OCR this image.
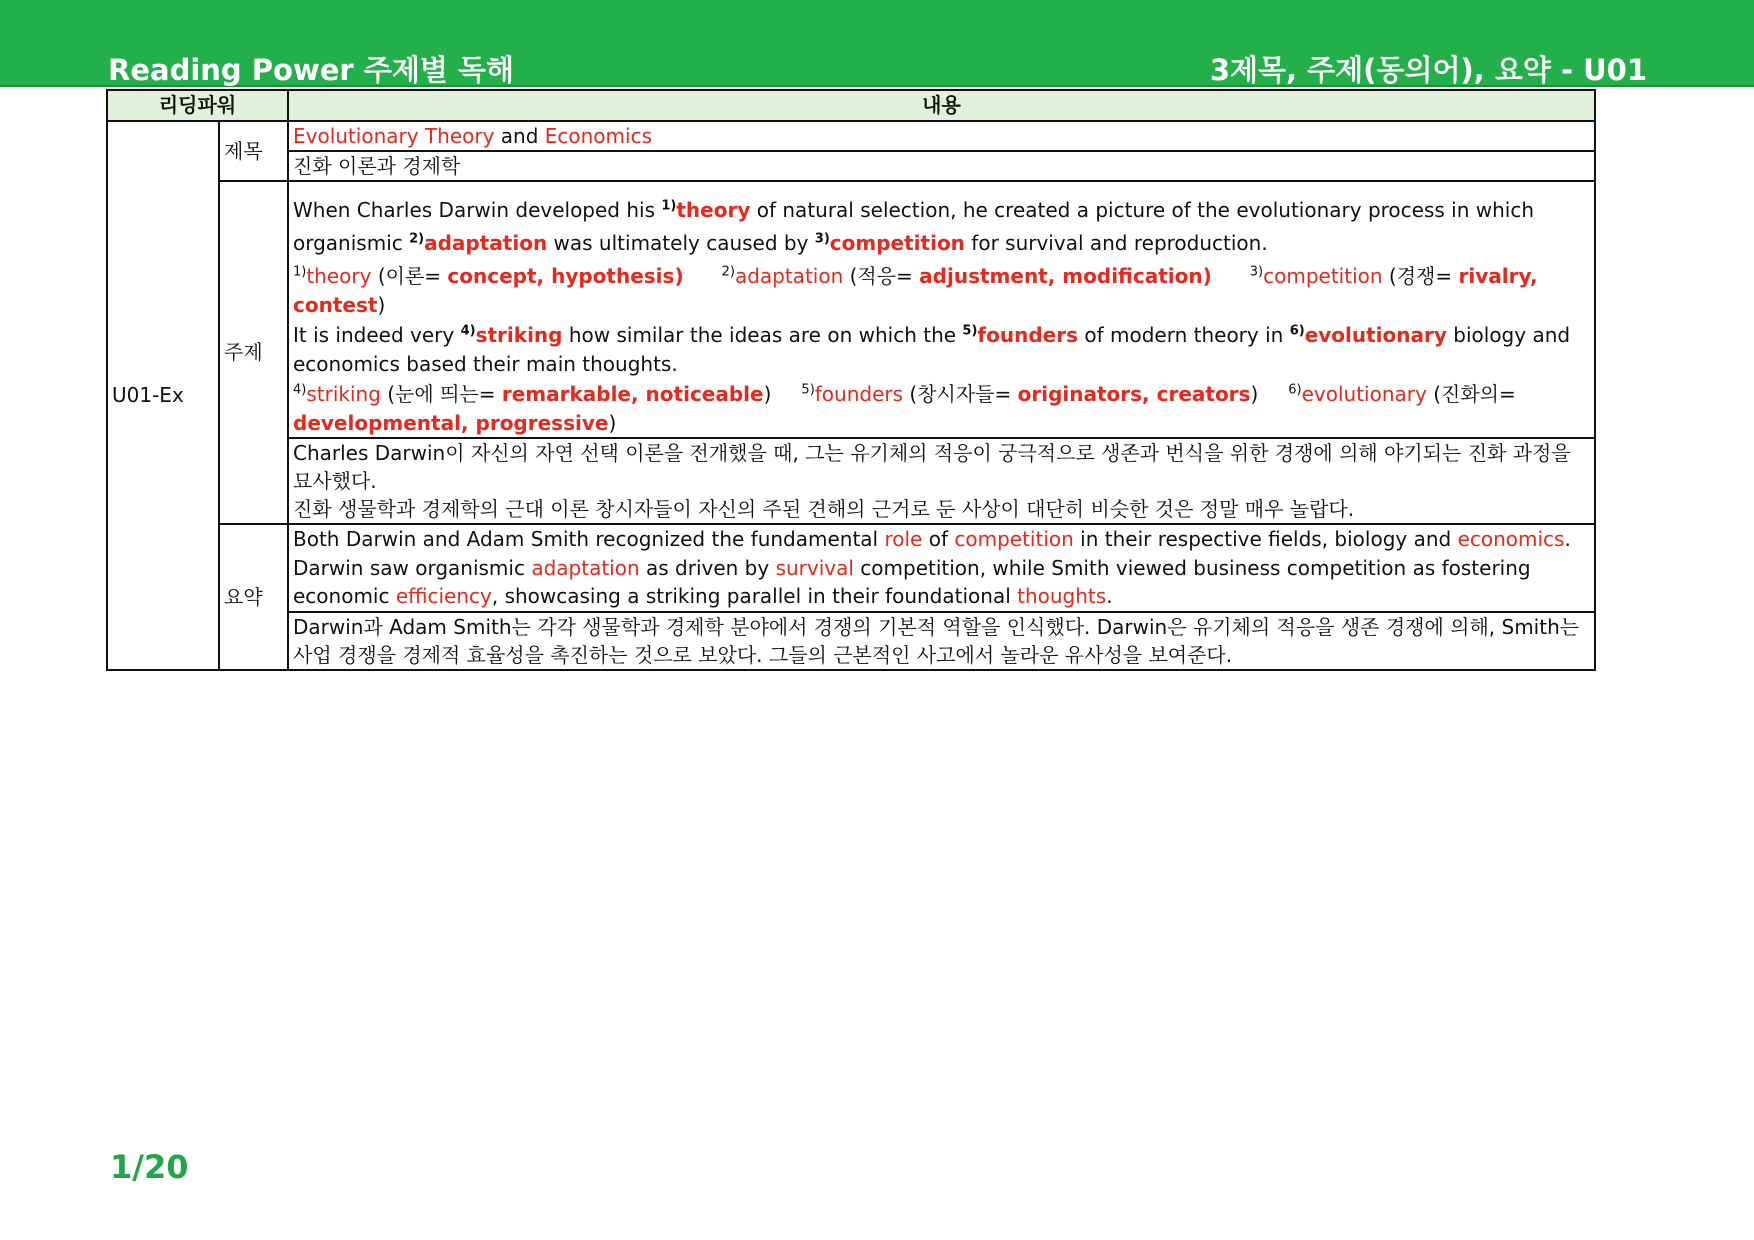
Reading Power 주제별 독해	3제목, 주제(동의어), 요약 - U01
리딩파워		내용
U01-Ex	제목	Evolutionary Theory and Economics
		진화 이론과 경제학
	주제	When Charles Darwin developed his $^{1)}$theory of natural selection, he created a picture of the evolutionary process in which organismic $^{2)}$adaptation was ultimately caused by $^{3)}$competition for survival and reproduction.
$^{1)}$theory (이론= concept, hypothesis) $^{2)}$adaptation (적응= adjustment, modification) $^{3)}$competition (경쟁= rivalry, contest)
It is indeed very $^{4)}$striking how similar the ideas are on which the $^{5)}$founders of modern theory in $^{6)}$evolutionary biology and economics based their main thoughts.
$^{4)}$striking (눈에 띄는= remarkable, noticeable) $^{5)}$founders (창시자들= originators, creators) $^{6)}$evolutionary (진화의= developmental, progressive)

		Charles Darwin이 자신의 자연 선택 이론을 전개했을 때, 그는 유기체의 적응이 궁극적으로 생존과 번식을 위한 경쟁에 의해 야기되는 진화 과정을 묘사했다.
진화 생물학과 경제학의 근대 이론 창시자들이 자신의 주된 견해의 근거로 둔 사상이 대단히 비슷한 것은 정말 매우 놀랍다.

	요약	Both Darwin and Adam Smith recognized the fundamental role of competition in their respective fields, biology and economics. Darwin saw organismic adaptation as driven by survival competition, while Smith viewed business competition as fostering economic efficiency, showcasing a striking parallel in their foundational thoughts.
		Darwin과 Adam Smith는 각각 생물학과 경제학 분야에서 경쟁의 기본적 역할을 인식했다. Darwin은 유기체의 적응을 생존 경쟁에 의해, Smith는 사업 경쟁을 경제적 효율성을 촉진하는 것으로 보았다. 그들의 근본적인 사고에서 놀라운 유사성을 보여준다.
1/20
